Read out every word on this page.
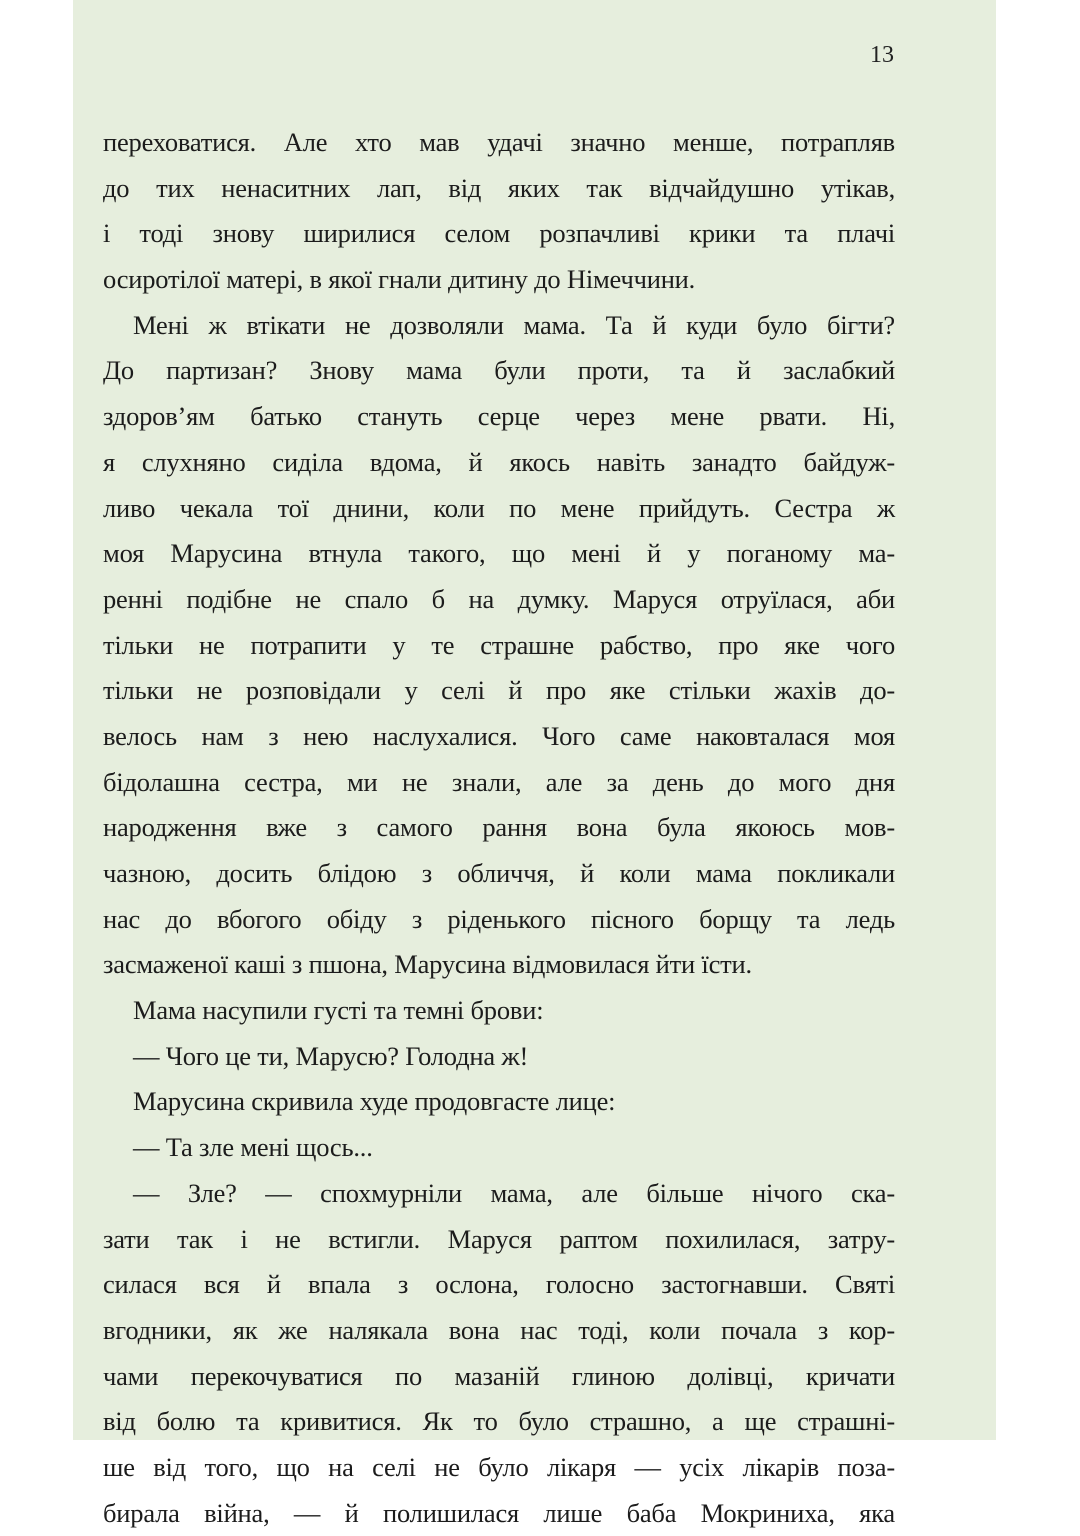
13
переховатися. Але хто мав удачі значно менше, потрапляв
до тих ненаситних лап, від яких так відчайдушно утікав,
і тоді знову ширилися селом розпачливі крики та плачі
осиротілої матері, в якої гнали дитину до Німеччини.
Мені ж втікати не дозволяли мама. Та й куди було бігти?
До партизан? Знову мама були проти, та й заслабкий
здоров’ям батько стануть серце через мене рвати. Ні,
я слухняно сиділа вдома, й якось навіть занадто байдуж-
ливо чекала тої днини, коли по мене прийдуть. Сестра ж
моя Марусина втнула такого, що мені й у поганому ма-
ренні подібне не спало б на думку. Маруся отруїлася, аби
тільки не потрапити у те страшне рабство, про яке чого
тільки не розповідали у селі й про яке стільки жахів до-
велось нам з нею наслухалися. Чого саме наковталася моя
бідолашна сестра, ми не знали, але за день до мого дня
народження вже з самого рання вона була якоюсь мов-
чазною, досить блідою з обличчя, й коли мама покликали
нас до вбогого обіду з ріденького пісного борщу та ледь
засмаженої каші з пшона, Марусина відмовилася йти їсти.
Мама насупили густі та темні брови:
— Чого це ти, Марусю? Голодна ж!
Марусина скривила худе продовгасте лице:
— Та зле мені щось...
— Зле? — спохмурніли мама, але більше нічого ска-
зати так і не встигли. Маруся раптом похилилася, затру-
силася вся й впала з ослона, голосно застогнавши. Святі
вгодники, як же налякала вона нас тоді, коли почала з кор-
чами перекочуватися по мазаній глиною долівці, кричати
від болю та кривитися. Як то було страшно, а ще страшні-
ше від того, що на селі не було лікаря — усіх лікарів поза-
бирала війна, — й полишилася лише баба Мокриниха, яка
